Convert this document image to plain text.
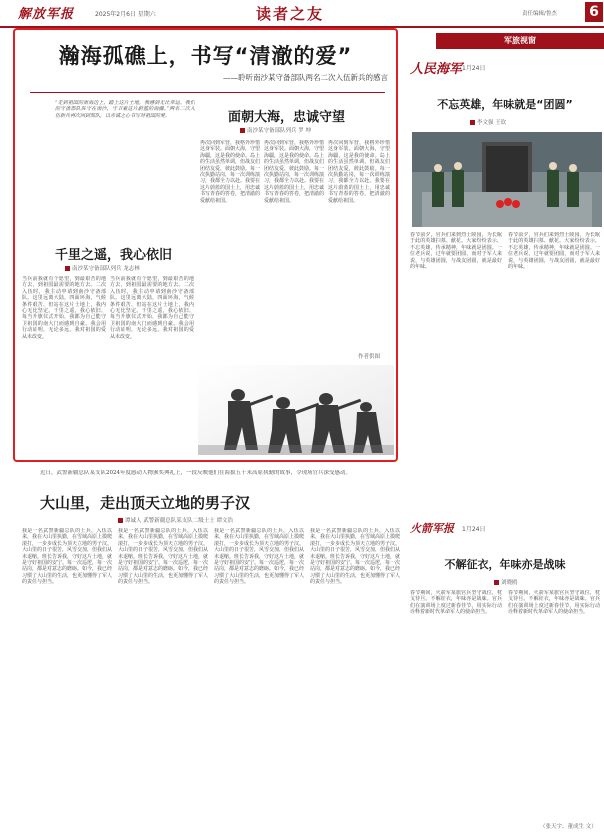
解放军报	2025年2月6日 星期六	读者之友	责任编辑/鲁杰 6
瀚海孤礁上，书写“清澈的爱”
——聆听南沙某守备部队两名二次入伍新兵的感言
“走到祖国的南海边上，踏上这片土地，我感到无比幸运。我们的守备部队驻守在南沙，守卫着这片蔚蓝的海疆。”两名二次入伍新兵再次回到部队，以赤诚之心书写对祖国的爱。
千里之遥，我心依旧
南沙某守备部队列兵 龙志林
当兵前我就有个愿望，到最艰苦的地方去，到祖国最需要的地方去。二次入伍时，我主动申请到南沙守备部队。这里远离大陆，四面环海，气候条件艰苦，但站在这片土地上，我内心无比坚定。千里之遥，我心依旧。每当升旗仪式开始，我都为自己能守卫祖国的南大门而感到自豪。我会用行动证明，无论多远，我对祖国的爱从未改变。
当兵前我就有个愿望，到最艰苦的地方去，到祖国最需要的地方去。二次入伍时，我主动申请到南沙守备部队。这里远离大陆，四面环海，气候条件艰苦，但站在这片土地上，我内心无比坚定。千里之遥，我心依旧。每当升旗仪式开始，我都为自己能守卫祖国的南大门而感到自豪。我会用行动证明，无论多远，我对祖国的爱从未改变。
面朝大海，忠诚守望
南沙某守备部队列兵 罗 坤
再次回到军营，我格外珍惜这身军装。面朝大海，守望海疆，这是我的使命。岛上的生活虽然单调，但战友们团结友爱，彼此鼓励。每一次执勤站岗，每一次训练演习，我都全力以赴。我要在这片蔚蓝的国土上，用忠诚书写青春的答卷，把清澈的爱献给祖国。
再次回到军营，我格外珍惜这身军装。面朝大海，守望海疆，这是我的使命。岛上的生活虽然单调，但战友们团结友爱，彼此鼓励。每一次执勤站岗，每一次训练演习，我都全力以赴。我要在这片蔚蓝的国土上，用忠诚书写青春的答卷，把清澈的爱献给祖国。
再次回到军营，我格外珍惜这身军装。面朝大海，守望海疆，这是我的使命。岛上的生活虽然单调，但战友们团结友爱，彼此鼓励。每一次执勤站岗，每一次训练演习，我都全力以赴。我要在这片蔚蓝的国土上，用忠诚书写青春的答卷，把清澈的爱献给祖国。
作者供图
近日，武警新疆总队某支队2024年度感动人物颁奖典礼上，一段反映他们在海拔五千米高原执勤的故事，令现场官兵深受感动。
大山里，走出顶天立地的男子汉
谭诚人 武警新疆总队某支队二级士士 谭文浩
我是一名武警新疆总队的士兵。入伍以来，我在大山里执勤，在雪域高原上摸爬滚打，一步步成长为顶天立地的男子汉。大山里的日子很苦，风雪交加，但我们从未退缩。班长告诉我，守好这片土地，就是守好祖国的安宁。每一次巡逻，每一次站岗，都是对意志的磨砺。如今，我已经习惯了大山里的生活，也更加懂得了军人的责任与担当。
我是一名武警新疆总队的士兵。入伍以来，我在大山里执勤，在雪域高原上摸爬滚打，一步步成长为顶天立地的男子汉。大山里的日子很苦，风雪交加，但我们从未退缩。班长告诉我，守好这片土地，就是守好祖国的安宁。每一次巡逻，每一次站岗，都是对意志的磨砺。如今，我已经习惯了大山里的生活，也更加懂得了军人的责任与担当。
我是一名武警新疆总队的士兵。入伍以来，我在大山里执勤，在雪域高原上摸爬滚打，一步步成长为顶天立地的男子汉。大山里的日子很苦，风雪交加，但我们从未退缩。班长告诉我，守好这片土地，就是守好祖国的安宁。每一次巡逻，每一次站岗，都是对意志的磨砺。如今，我已经习惯了大山里的生活，也更加懂得了军人的责任与担当。
我是一名武警新疆总队的士兵。入伍以来，我在大山里执勤，在雪域高原上摸爬滚打，一步步成长为顶天立地的男子汉。大山里的日子很苦，风雪交加，但我们从未退缩。班长告诉我，守好这片土地，就是守好祖国的安宁。每一次巡逻，每一次站岗，都是对意志的磨砺。如今，我已经习惯了大山里的生活，也更加懂得了军人的责任与担当。
军旅视窗
人民海军 1月24日
不忘英雄，年味就是“团圆”
李文强 王钦
春节前夕，官兵们来到烈士陵园，为长眠于此的英雄扫墓、献花。大家纷纷表示，不忘英雄，传承精神，年味就是团圆。一位老兵说，过年就要团圆，而对于军人来说，与英雄团圆，与战友团圆，就是最好的年味。
春节前夕，官兵们来到烈士陵园，为长眠于此的英雄扫墓、献花。大家纷纷表示，不忘英雄，传承精神，年味就是团圆。一位老兵说，过年就要团圆，而对于军人来说，与英雄团圆，与战友团圆，就是最好的年味。
火箭军报 1月24日
不解征衣，年味亦是战味
刘晓鸥
春节期间，火箭军某旅官兵坚守战位，枕戈待旦。不解征衣，年味亦是战味。官兵们在演训场上度过新春佳节，用实际行动诠释着新时代革命军人的使命担当。
春节期间，火箭军某旅官兵坚守战位，枕戈待旦。不解征衣，年味亦是战味。官兵们在演训场上度过新春佳节，用实际行动诠释着新时代革命军人的使命担当。
（张天宇、董成生 文）
